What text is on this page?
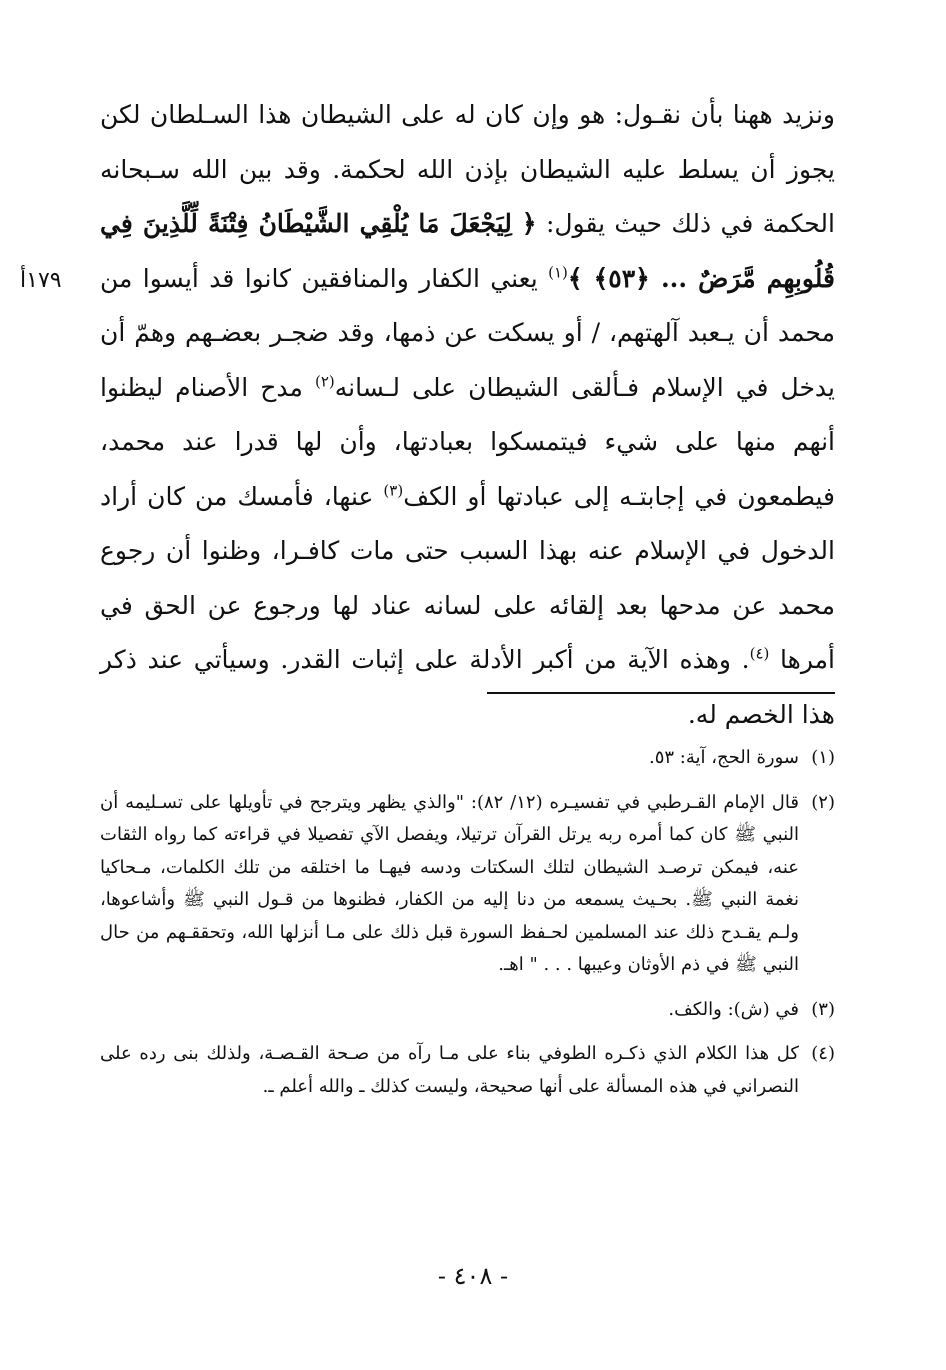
ونزيد ههنا بأن نقـول: هو وإن كان له على الشيطان هذا السـلطان لكن يجوز أن يسلط عليه الشيطان بإذن الله لحكمة. وقد بين الله سـبحانه الحكمة في ذلك حيث يقول: ﴿ لِيَجْعَلَ مَا يُلْقِي الشَّيْطَانُ فِتْنَةً لِّلَّذِينَ فِي قُلُوبِهِم مَّرَضٌ ... ﴿٥٣﴾ ﴾$^{(١)}$ يعني الكفار والمنافقين كانوا قد أيسوا من محمد أن يـعبد آلهتهم، / أو يسكت عن ذمها، وقد ضجـر بعضـهم وهمّ أن يدخل في الإسلام فـألقى الشيطان على لـسانه$^{(٢)}$ مدح الأصنام ليظنوا أنهم منها على شيء فيتمسكوا بعبادتها، وأن لها قدرا عند محمد، فيطمعون في إجابتـه إلى عبادتها أو الكف$^{(٣)}$ عنها، فأمسك من كان أراد الدخول في الإسلام عنه بهذا السبب حتى مات كافـرا، وظنوا أن رجوع محمد عن مدحها بعد إلقائه على لسانه عناد لها ورجوع عن الحق في أمرها $^{(٤)}$. وهذه الآية من أكبر الأدلة على إثبات القدر. وسيأتي عند ذكر هذا الخصم له.

١٧٩أ
(١)
سورة الحج، آية: ٥٣.
(٢)
قال الإمام القـرطبي في تفسيـره (١٢/ ٨٢): "والذي يظهر ويترجح في تأويلها على تسـليمه أن النبي ﷺ كان كما أمره ربه يرتل القرآن ترتيلا، ويفصل الآي تفصيلا في قراءته كما رواه الثقات عنه، فيمكن ترصـد الشيطان لتلك السكتات ودسه فيهـا ما اختلقه من تلك الكلمات، مـحاكيا نغمة النبي ﷺ. بحـيث يسمعه من دنا إليه من الكفار، فظنوها من قـول النبي ﷺ وأشاعوها، ولـم يقـدح ذلك عند المسلمين لحـفظ السورة قبل ذلك على مـا أنزلها الله، وتحققـهم من حال النبي ﷺ في ذم الأوثان وعيبها . . . " اهـ.
(٣)
في (ش): والكف.
(٤)
كل هذا الكلام الذي ذكـره الطوفي بناء على مـا رآه من صـحة القـصـة، ولذلك بنى رده على النصراني في هذه المسألة على أنها صحيحة، وليست كذلك ـ والله أعلم ـ.
- ٤٠٨ -
